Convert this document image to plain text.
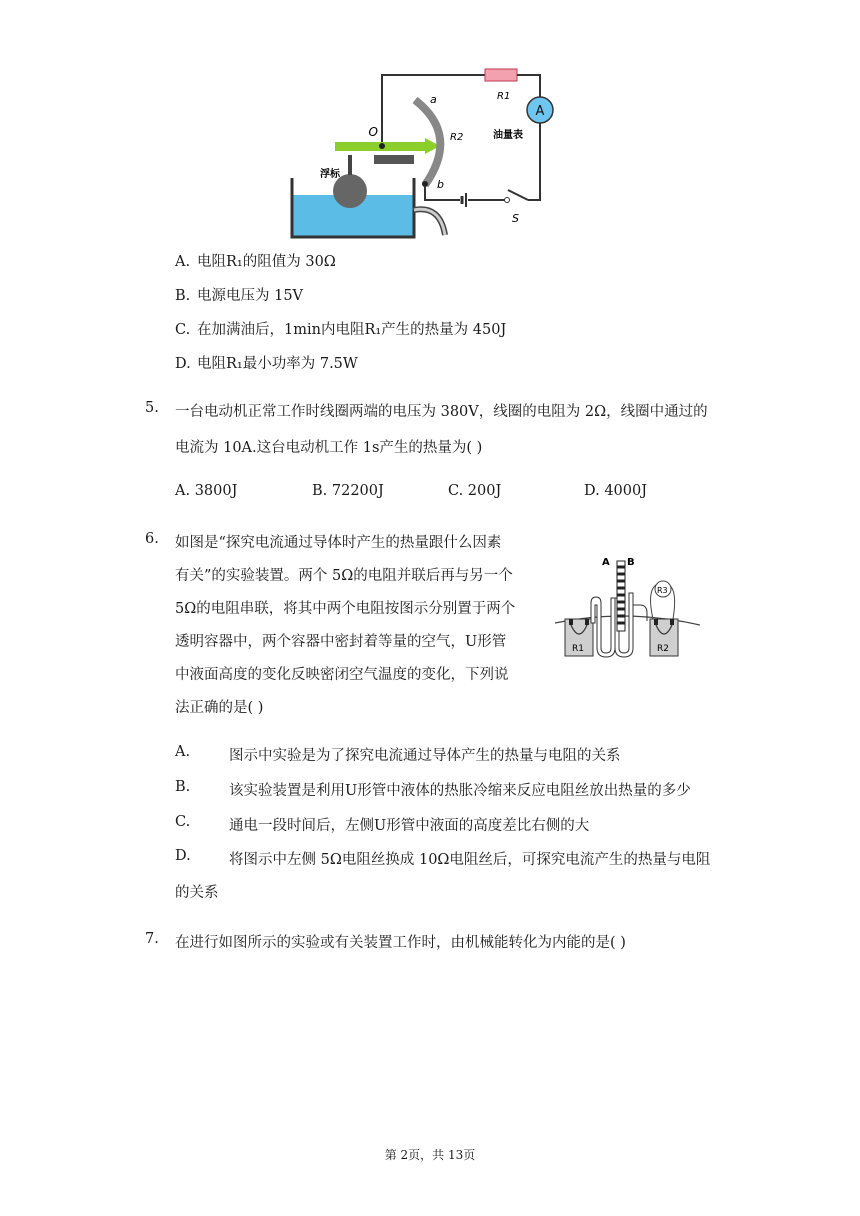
A
O
a
b
R2
R1
油量表
浮标
S
A. 电阻R₁的阻值为 30Ω
B. 电源电压为 15V
C. 在加满油后，1min内电阻R₁产生的热量为 450J
D. 电阻R₁最小功率为 7.5W
5. 一台电动机正常工作时线圈两端的电压为 380V，线圈的电阻为 2Ω，线圈中通过的
电流为 10A.这台电动机工作 1s产生的热量为( )
A. 3800J	B. 72200J	C. 200J	D. 4000J
6. 如图是“探究电流通过导体时产生的热量跟什么因素
有关”的实验装置。两个 5Ω的电阻并联后再与另一个
5Ω的电阻串联，将其中两个电阻按图示分别置于两个
透明容器中，两个容器中密封着等量的空气，U形管
中液面高度的变化反映密闭空气温度的变化，下列说
法正确的是( )
R1	R2
R3
A B
A.	图示中实验是为了探究电流通过导体产生的热量与电阻的关系
B.	该实验装置是利用U形管中液体的热胀冷缩来反应电阻丝放出热量的多少
C.	通电一段时间后，左侧U形管中液面的高度差比右侧的大
D.	将图示中左侧 5Ω电阻丝换成 10Ω电阻丝后，可探究电流产生的热量与电阻
的关系
7. 在进行如图所示的实验或有关装置工作时，由机械能转化为内能的是( )
第 2页，共 13页
